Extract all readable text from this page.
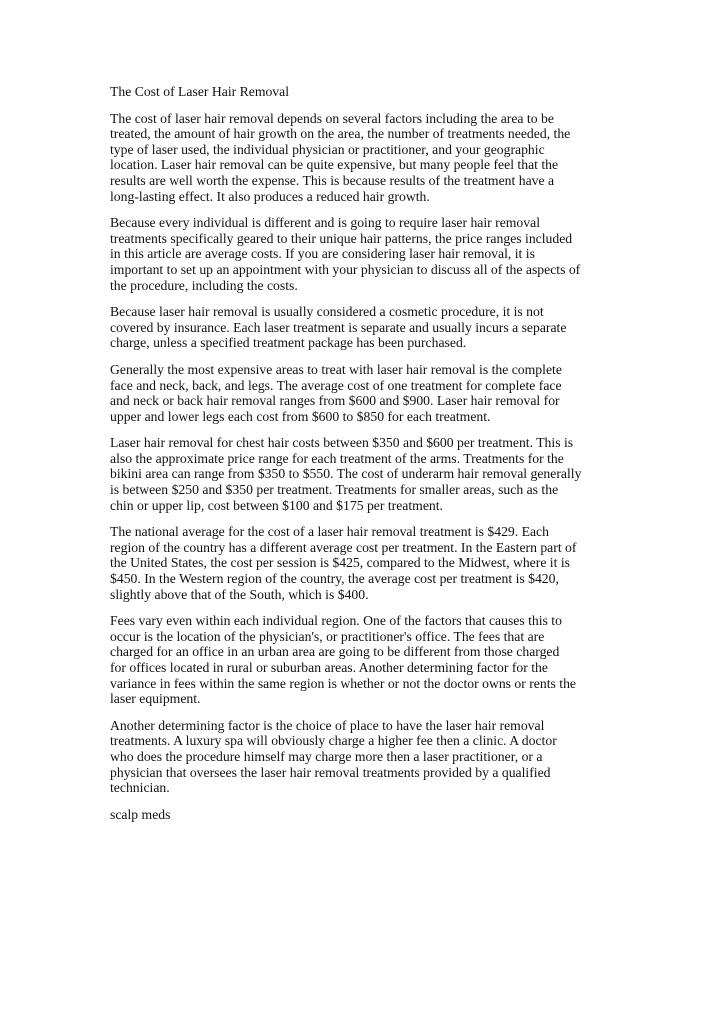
The Cost of Laser Hair Removal
The cost of laser hair removal depends on several factors including the area to be
treated, the amount of hair growth on the area, the number of treatments needed, the
type of laser used, the individual physician or practitioner, and your geographic
location. Laser hair removal can be quite expensive, but many people feel that the
results are well worth the expense. This is because results of the treatment have a
long-lasting effect. It also produces a reduced hair growth.
Because every individual is different and is going to require laser hair removal
treatments specifically geared to their unique hair patterns, the price ranges included
in this article are average costs. If you are considering laser hair removal, it is
important to set up an appointment with your physician to discuss all of the aspects of
the procedure, including the costs.
Because laser hair removal is usually considered a cosmetic procedure, it is not
covered by insurance. Each laser treatment is separate and usually incurs a separate
charge, unless a specified treatment package has been purchased.
Generally the most expensive areas to treat with laser hair removal is the complete
face and neck, back, and legs. The average cost of one treatment for complete face
and neck or back hair removal ranges from $600 and $900. Laser hair removal for
upper and lower legs each cost from $600 to $850 for each treatment.
Laser hair removal for chest hair costs between $350 and $600 per treatment. This is
also the approximate price range for each treatment of the arms. Treatments for the
bikini area can range from $350 to $550. The cost of underarm hair removal generally
is between $250 and $350 per treatment. Treatments for smaller areas, such as the
chin or upper lip, cost between $100 and $175 per treatment.
The national average for the cost of a laser hair removal treatment is $429. Each
region of the country has a different average cost per treatment. In the Eastern part of
the United States, the cost per session is $425, compared to the Midwest, where it is
$450. In the Western region of the country, the average cost per treatment is $420,
slightly above that of the South, which is $400.
Fees vary even within each individual region. One of the factors that causes this to
occur is the location of the physician's, or practitioner's office. The fees that are
charged for an office in an urban area are going to be different from those charged
for offices located in rural or suburban areas. Another determining factor for the
variance in fees within the same region is whether or not the doctor owns or rents the
laser equipment.
Another determining factor is the choice of place to have the laser hair removal
treatments. A luxury spa will obviously charge a higher fee then a clinic. A doctor
who does the procedure himself may charge more then a laser practitioner, or a
physician that oversees the laser hair removal treatments provided by a qualified
technician.
scalp meds
